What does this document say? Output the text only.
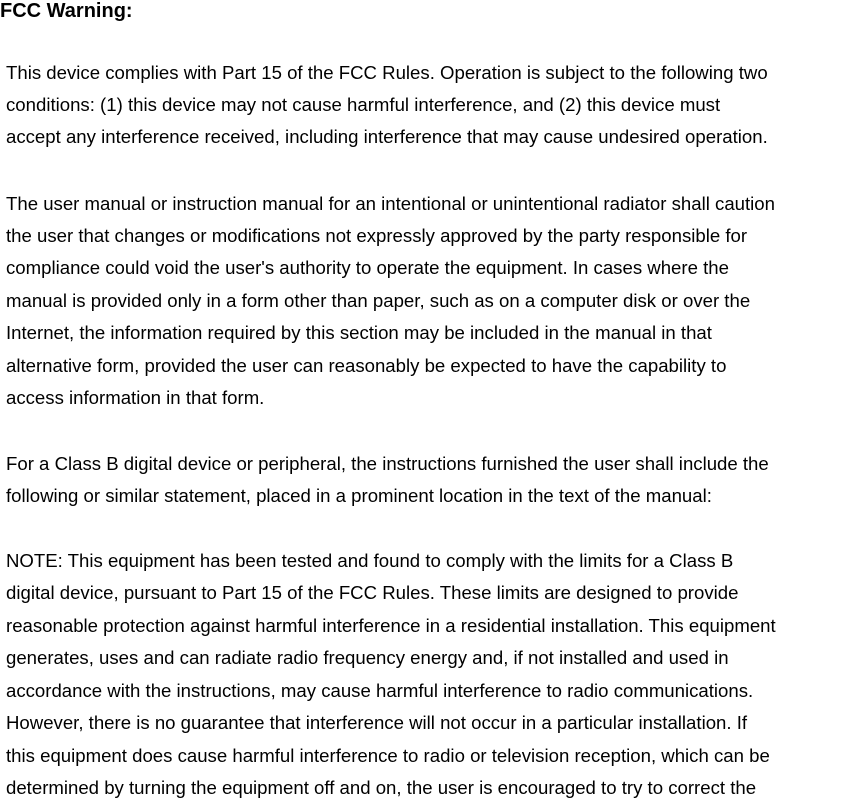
FCC Warning:
This device complies with Part 15 of the FCC Rules. Operation is subject to the following two
conditions: (1) this device may not cause harmful interference, and (2) this device must
accept any interference received, including interference that may cause undesired operation.
The user manual or instruction manual for an intentional or unintentional radiator shall caution
the user that changes or modifications not expressly approved by the party responsible for
compliance could void the user's authority to operate the equipment. In cases where the
manual is provided only in a form other than paper, such as on a computer disk or over the
Internet, the information required by this section may be included in the manual in that
alternative form, provided the user can reasonably be expected to have the capability to
access information in that form.
For a Class B digital device or peripheral, the instructions furnished the user shall include the
following or similar statement, placed in a prominent location in the text of the manual:
NOTE: This equipment has been tested and found to comply with the limits for a Class B
digital device, pursuant to Part 15 of the FCC Rules. These limits are designed to provide
reasonable protection against harmful interference in a residential installation. This equipment
generates, uses and can radiate radio frequency energy and, if not installed and used in
accordance with the instructions, may cause harmful interference to radio communications.
However, there is no guarantee that interference will not occur in a particular installation. If
this equipment does cause harmful interference to radio or television reception, which can be
determined by turning the equipment off and on, the user is encouraged to try to correct the
